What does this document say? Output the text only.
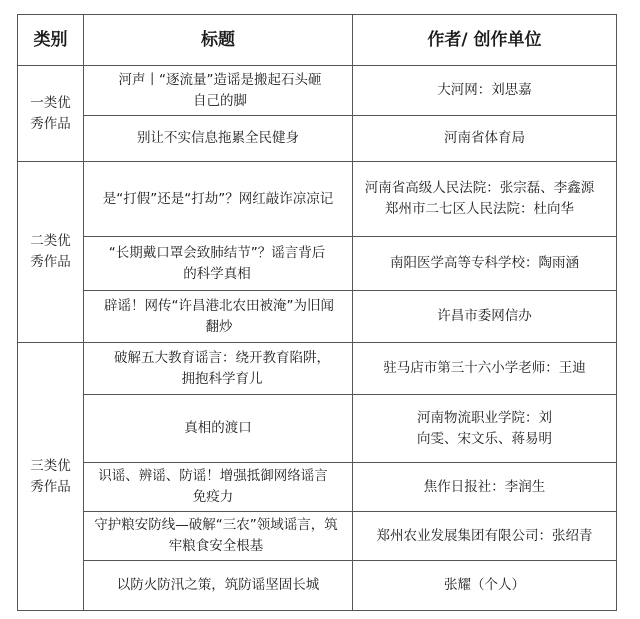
类别	标题	作者/ 创作单位
一类优秀作品	河声丨“逐流量”造谣是搬起石头砸自己的脚	大河网：刘思嘉
	别让不实信息拖累全民健身	河南省体育局
二类优秀作品	是“打假”还是“打劫”？网红敲诈凉凉记	河南省高级人民法院：张宗磊、李鑫源 郑州市二七区人民法院：杜向华
	“长期戴口罩会致肺结节”？谣言背后的科学真相	南阳医学高等专科学校：陶雨涵
	辟谣！网传“许昌港北农田被淹”为旧闻翻炒	许昌市委网信办
三类优秀作品	破解五大教育谣言：绕开教育陷阱，拥抱科学育儿	驻马店市第三十六小学老师：王迪
	真相的渡口	河南物流职业学院：刘向雯、宋文乐、蒋易明
	识谣、辨谣、防谣！增强抵御网络谣言免疫力	焦作日报社：李润生
	守护粮安防线—破解“三农”领域谣言，筑牢粮食安全根基	郑州农业发展集团有限公司：张绍青
	以防火防汛之策，筑防谣坚固长城	张耀（个人）
